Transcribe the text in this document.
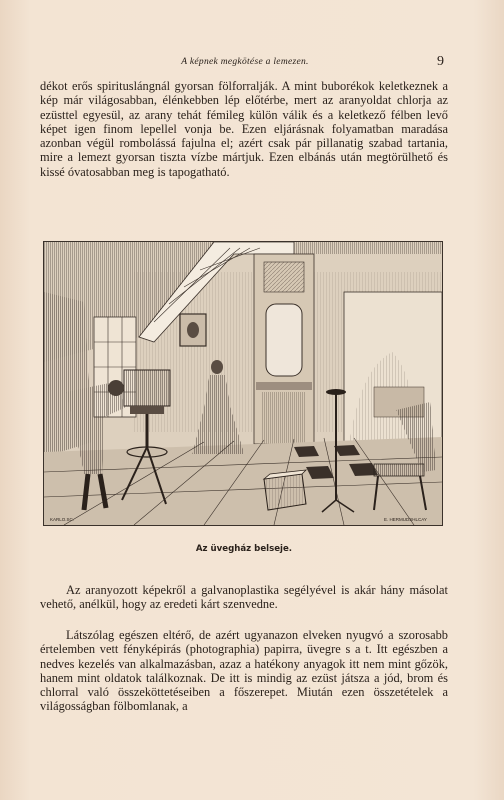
A képnek megkötése a lemezen.	9

dékot erős spirituslángnál gyorsan fölforralják. A mint buborékok keletkeznek a kép már világosabban, élénkebben lép előtérbe, mert az aranyoldat chlorja az ezüsttel egyesül, az arany tehát fémileg külön válik és a keletkező félben levő képet igen finom lepellel vonja be. Ezen eljárásnak folyamatban maradása azonban végül rombolássá fajulna el; azért csak pár pillanatig szabad tartania, mire a lemezt gyorsan tiszta vízbe mártjuk. Ezen elbánás után megtörülhető és kissé óvatosabban meg is tapogatható.

KARLO.SC.	E. HERMUDSHLCAY
Az üvegház belseje.

Az aranyozott képekről a galvanoplastika segélyével is akár hány másolat vehető, anélkül, hogy az eredeti kárt szenvedne.

Látszólag egészen eltérő, de azért ugyanazon elveken nyugvó a szorosabb értelemben vett fényképirás (photographia) papirra, üvegre s a t. Itt egészben a nedves kezelés van alkalmazásban, azaz a hatékony anyagok itt nem mint gőzök, hanem mint oldatok találkoznak. De itt is mindig az ezüst játsza a jód, brom és chlorral való összeköttetéseiben a főszerepet. Miután ezen összetételek a világosságban fölbomlanak, a
